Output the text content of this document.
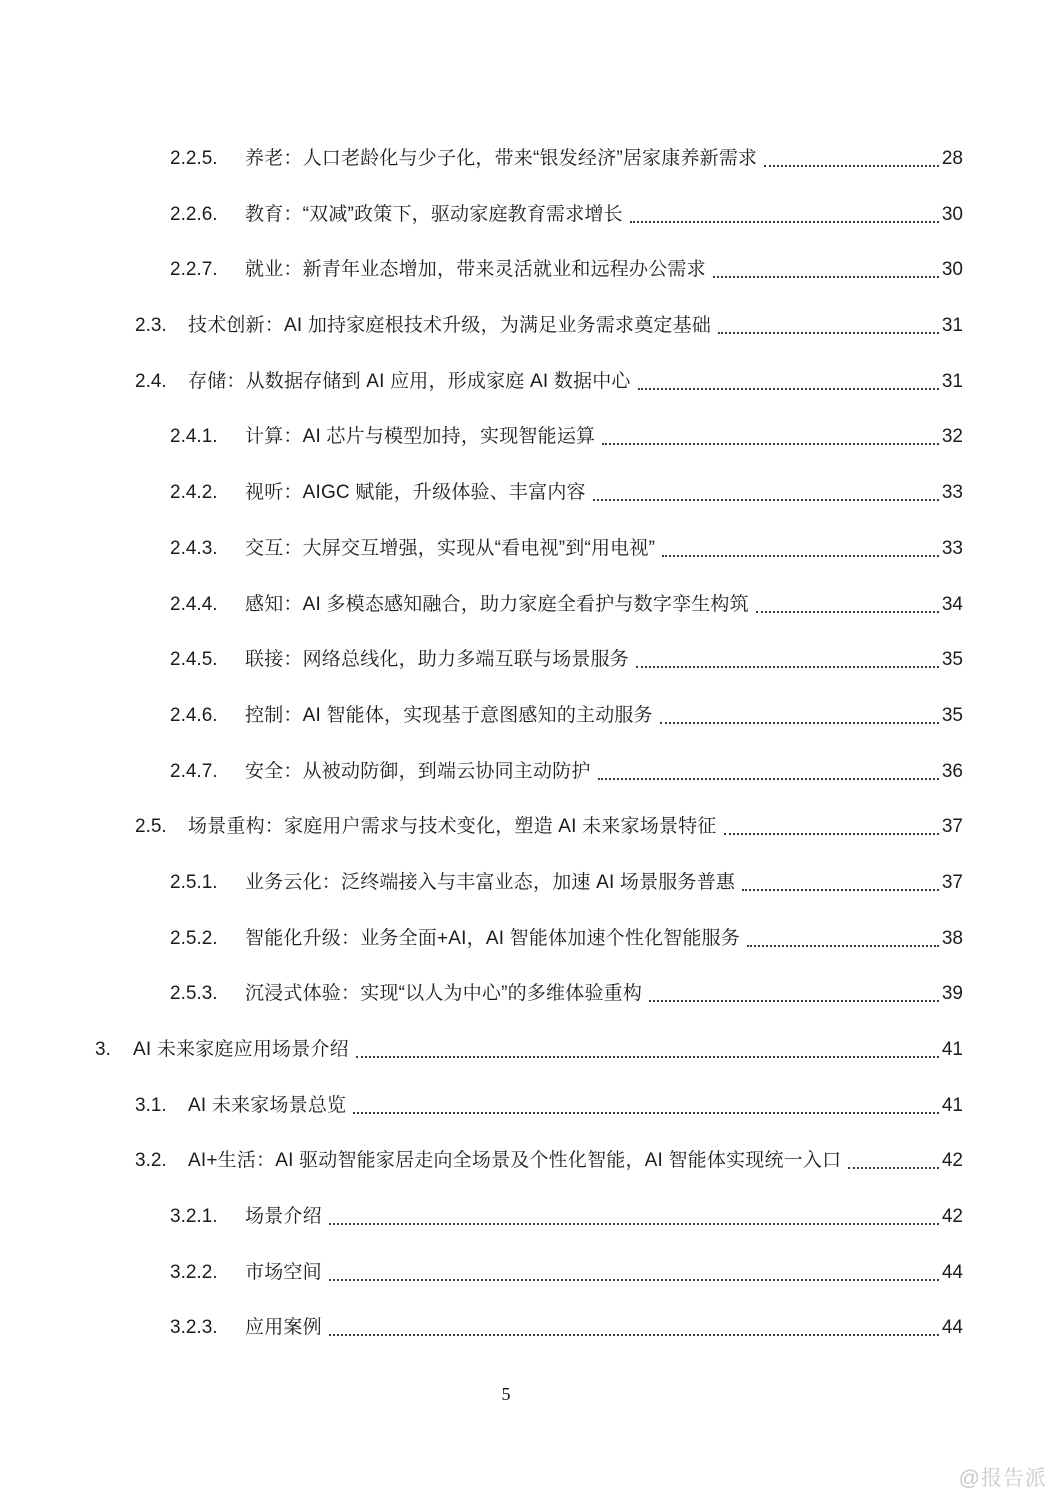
2.2.5.	养老：人口老龄化与少子化，带来“银发经济”居家康养新需求	28
2.2.6.	教育：“双减”政策下，驱动家庭教育需求增长	30
2.2.7.	就业：新青年业态增加，带来灵活就业和远程办公需求	30
2.3.	技术创新：AI 加持家庭根技术升级，为满足业务需求奠定基础	31
2.4.	存储：从数据存储到 AI 应用，形成家庭 AI 数据中心	31
2.4.1.	计算：AI 芯片与模型加持，实现智能运算	32
2.4.2.	视听：AIGC 赋能，升级体验、丰富内容	33
2.4.3.	交互：大屏交互增强，实现从“看电视”到“用电视”	33
2.4.4.	感知：AI 多模态感知融合，助力家庭全看护与数字孪生构筑	34
2.4.5.	联接：网络总线化，助力多端互联与场景服务	35
2.4.6.	控制：AI 智能体，实现基于意图感知的主动服务	35
2.4.7.	安全：从被动防御，到端云协同主动防护	36
2.5.	场景重构：家庭用户需求与技术变化，塑造 AI 未来家场景特征	37
2.5.1.	业务云化：泛终端接入与丰富业态，加速 AI 场景服务普惠	37
2.5.2.	智能化升级：业务全面+AI，AI 智能体加速个性化智能服务	38
2.5.3.	沉浸式体验：实现“以人为中心”的多维体验重构	39
3.	AI 未来家庭应用场景介绍	41
3.1.	AI 未来家场景总览	41
3.2.	AI+生活：AI 驱动智能家居走向全场景及个性化智能，AI 智能体实现统一入口	42
3.2.1.	场景介绍	42
3.2.2.	市场空间	44
3.2.3.	应用案例	44
5
@报告派
